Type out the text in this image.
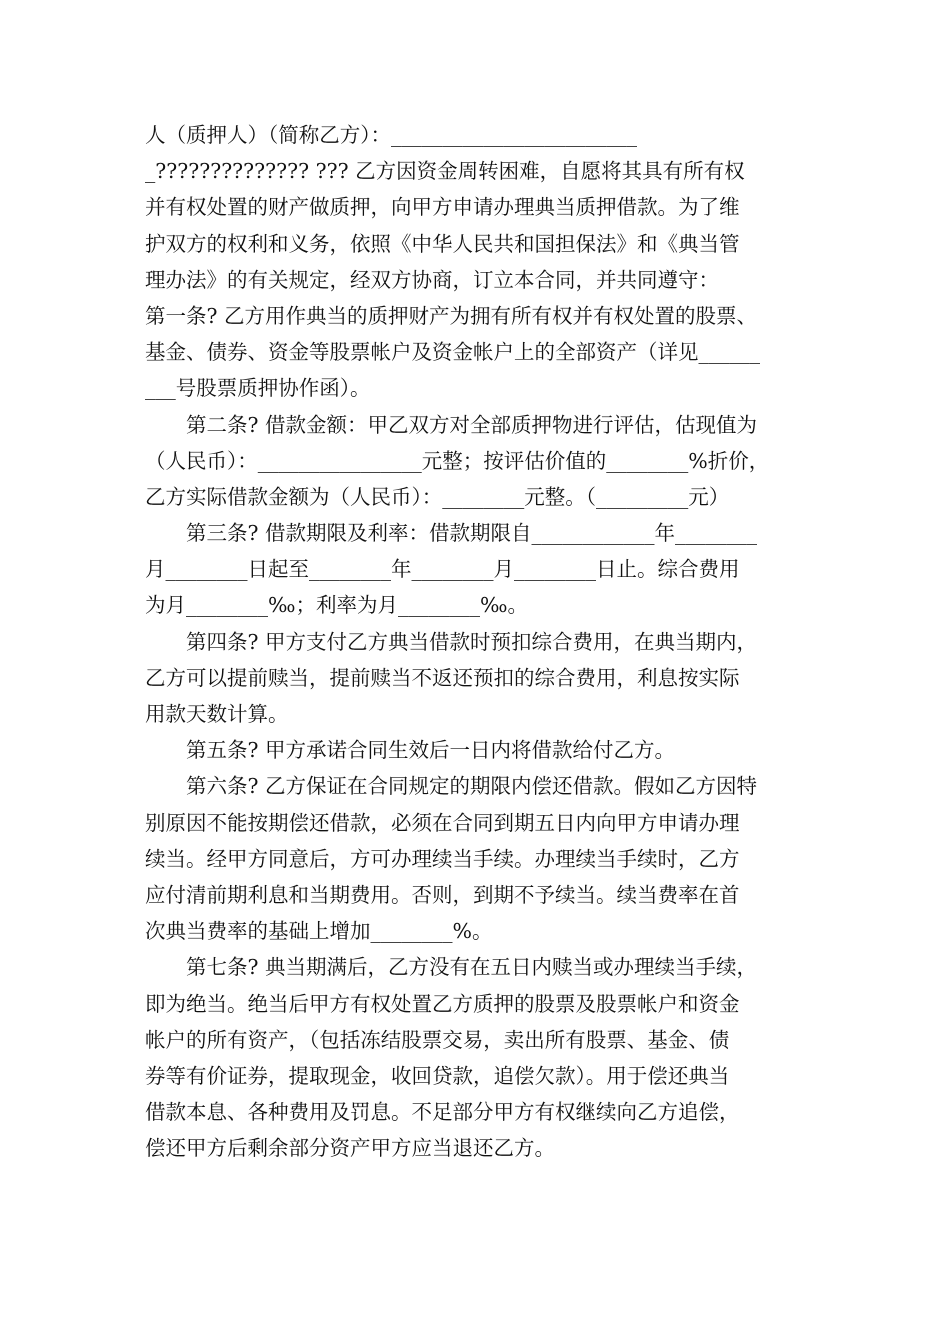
人（质押人）（简称乙方）：________________________
_?????????????? ??? 乙方因资金周转困难，自愿将其具有所有权
并有权处置的财产做质押，向甲方申请办理典当质押借款。为了维
护双方的权利和义务，依照《中华人民共和国担保法》和《典当管
理办法》的有关规定，经双方协商，订立本合同，并共同遵守：
第一条? 乙方用作典当的质押财产为拥有所有权并有权处置的股票、
基金、债券、资金等股票帐户及资金帐户上的全部资产（详见______
___号股票质押协作函）。
　　第二条? 借款金额：甲乙双方对全部质押物进行评估，估现值为
（人民币）：________________元整；按评估价值的________%折价，
乙方实际借款金额为（人民币）：________元整。（_________元）
　　第三条? 借款期限及利率：借款期限自____________年________
月________日起至________年________月________日止。综合费用
为月________‰；利率为月________‰。
　　第四条? 甲方支付乙方典当借款时预扣综合费用，在典当期内，
乙方可以提前赎当，提前赎当不返还预扣的综合费用，利息按实际
用款天数计算。
　　第五条? 甲方承诺合同生效后一日内将借款给付乙方。
　　第六条? 乙方保证在合同规定的期限内偿还借款。假如乙方因特
别原因不能按期偿还借款，必须在合同到期五日内向甲方申请办理
续当。经甲方同意后，方可办理续当手续。办理续当手续时，乙方
应付清前期利息和当期费用。否则，到期不予续当。续当费率在首
次典当费率的基础上增加________%。
　　第七条? 典当期满后，乙方没有在五日内赎当或办理续当手续，
即为绝当。绝当后甲方有权处置乙方质押的股票及股票帐户和资金
帐户的所有资产，（包括冻结股票交易，卖出所有股票、基金、债
券等有价证券，提取现金，收回贷款，追偿欠款）。用于偿还典当
借款本息、各种费用及罚息。不足部分甲方有权继续向乙方追偿，
偿还甲方后剩余部分资产甲方应当退还乙方。
